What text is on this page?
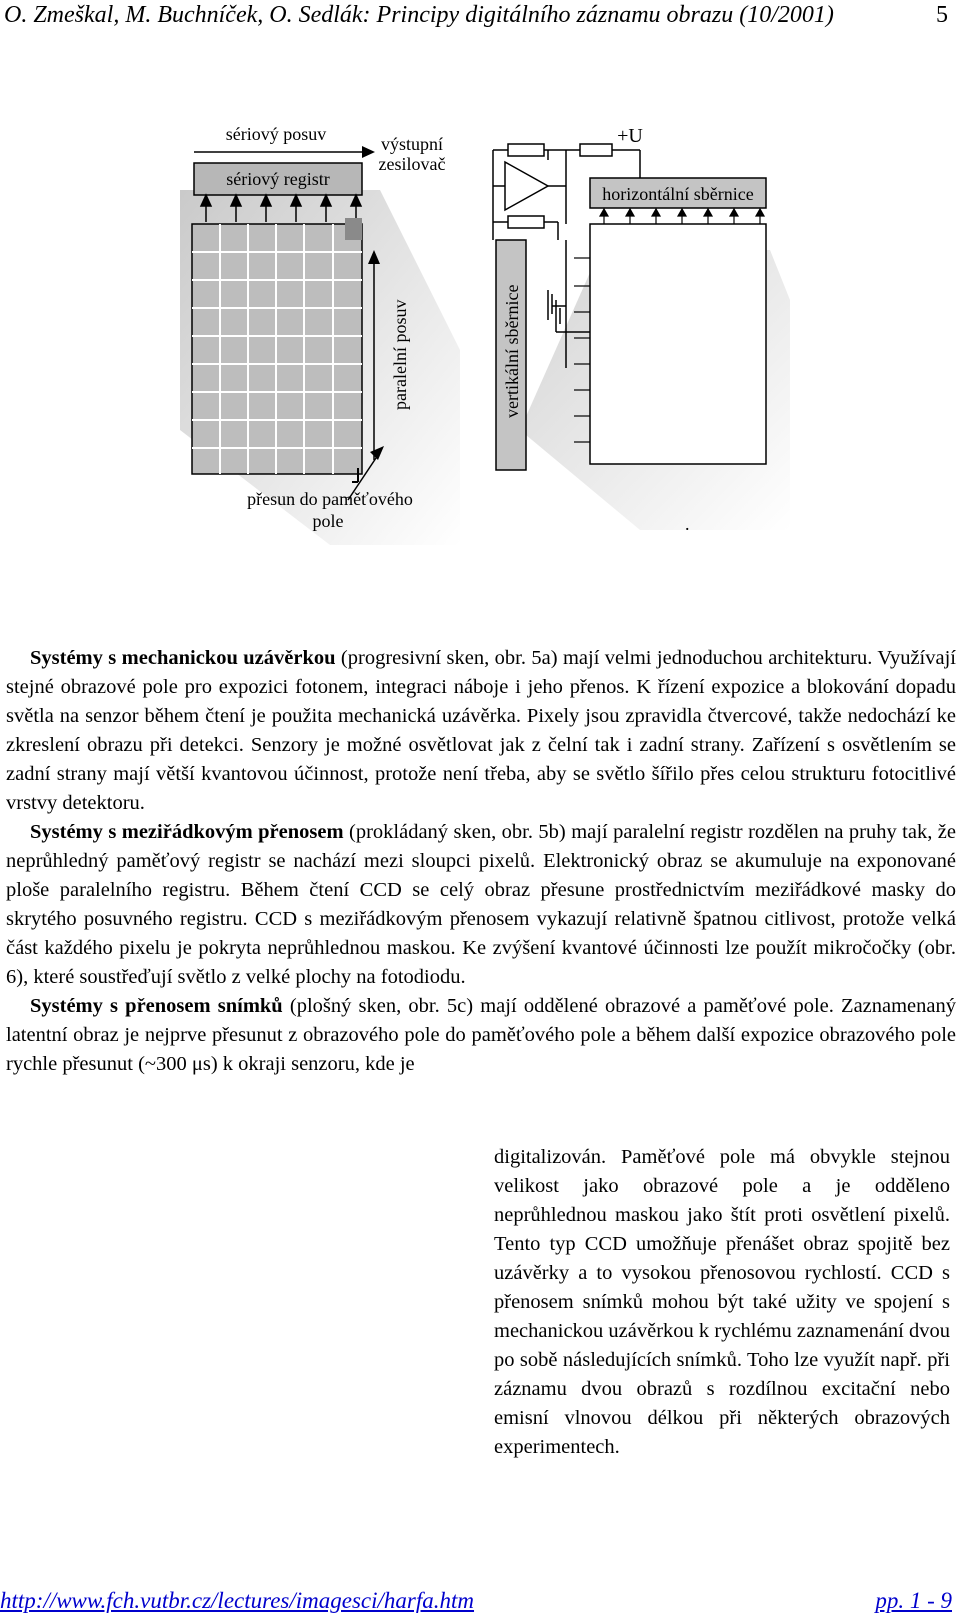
O. Zmeškal, M. Buchníček, O. Sedlák: Principy digitálního záznamu obrazu (10/2001)	5
sériový registr
sériový posuv	výstupní
zesilovač
paralelní posuv
přesun do paměťového
pole
+U
horizontální sběrnice
vertikální sběrnice
.

Systémy s mechanickou uzávěrkou (progresivní sken, obr. 5a) mají velmi jednoduchou architekturu. Využívají stejné obrazové pole pro expozici fotonem, integraci náboje i jeho přenos. K řízení expozice a blokování dopadu světla na senzor během čtení je použita mechanická uzávěrka. Pixely jsou zpravidla čtvercové, takže nedochází ke zkreslení obrazu při detekci. Senzory je možné osvětlovat jak z čelní tak i zadní strany. Zařízení s osvětlením se zadní strany mají větší kvantovou účinnost, protože není třeba, aby se světlo šířilo přes celou strukturu fotocitlivé vrstvy detektoru.

Systémy s meziřádkovým přenosem (prokládaný sken, obr. 5b) mají paralelní registr rozdělen na pruhy tak, že neprůhledný paměťový registr se nachází mezi sloupci pixelů. Elektronický obraz se akumuluje na exponované ploše paralelního registru. Během čtení CCD se celý obraz přesune prostřednictvím meziřádkové masky do skrytého posuvného registru. CCD s meziřádkovým přenosem vykazují relativně špatnou citlivost, protože velká část každého pixelu je pokryta neprůhlednou maskou. Ke zvýšení kvantové účinnosti lze použít mikročočky (obr. 6), které soustřeďují světlo z velké plochy na fotodiodu.

Systémy s přenosem snímků (plošný sken, obr. 5c) mají oddělené obrazové a paměťové pole. Zaznamenaný latentní obraz je nejprve přesunut z obrazového pole do paměťového pole a během další expozice obrazového pole rychle přesunut (~300 μs) k okraji senzoru, kde je

digitalizován. Paměťové pole má obvykle stejnou velikost jako obrazové pole a je odděleno neprůhlednou maskou jako štít proti osvětlení pixelů. Tento typ CCD umožňuje přenášet obraz spojitě bez uzávěrky a to vysokou přenosovou rychlostí. CCD s přenosem snímků mohou být také užity ve spojení s mechanickou uzávěrkou k rychlému zaznamenání dvou po sobě následujících snímků. Toho lze využít např. při záznamu dvou obrazů s rozdílnou excitační nebo emisní vlnovou délkou při některých obrazových experimentech.
http://www.fch.vutbr.cz/lectures/imagesci/harfa.htm	pp. 1 - 9
